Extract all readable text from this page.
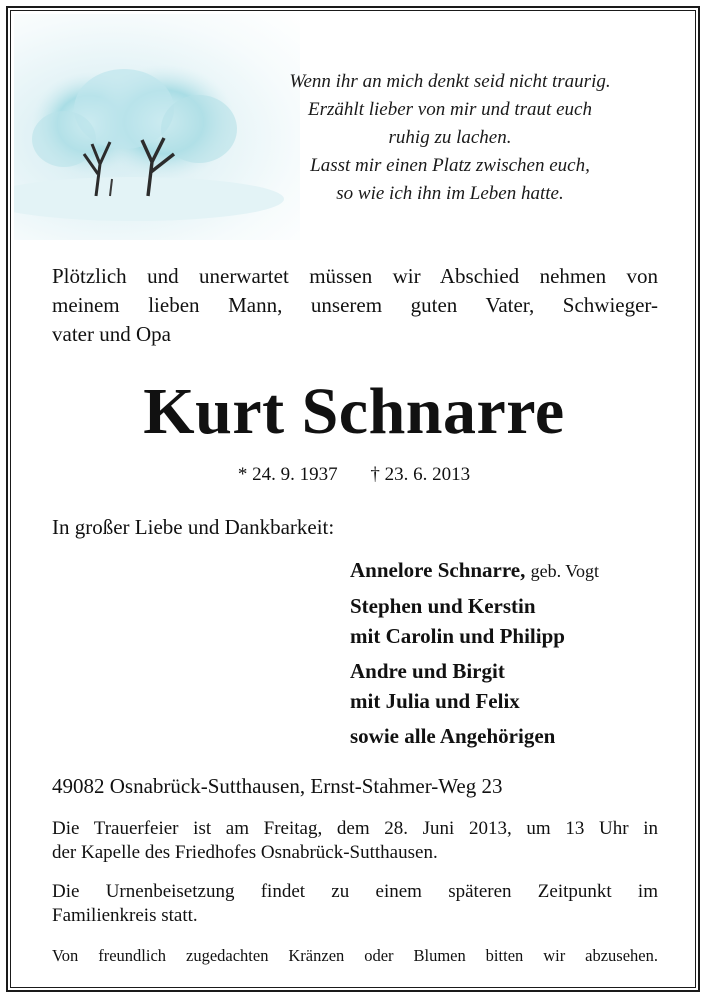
Wenn ihr an mich denkt seid nicht traurig.
Erzählt lieber von mir und traut euch
ruhig zu lachen.
Lasst mir einen Platz zwischen euch,
so wie ich ihn im Leben hatte.
Plötzlich und unerwartet müssen wir Abschied nehmen von
meinem lieben Mann, unserem guten Vater, Schwieger-
vater und Opa
Kurt Schnarre
* 24. 9. 1937 † 23. 6. 2013
In großer Liebe und Dankbarkeit:
Annelore Schnarre, geb. Vogt
Stephen und Kerstin
mit Carolin und Philipp
Andre und Birgit
mit Julia und Felix
sowie alle Angehörigen
49082 Osnabrück-Sutthausen, Ernst-Stahmer-Weg 23
Die Trauerfeier ist am Freitag, dem 28. Juni 2013, um 13 Uhr in
der Kapelle des Friedhofes Osnabrück-Sutthausen.
Die Urnenbeisetzung findet zu einem späteren Zeitpunkt im
Familienkreis statt.
Von freundlich zugedachten Kränzen oder Blumen bitten wir abzusehen.
